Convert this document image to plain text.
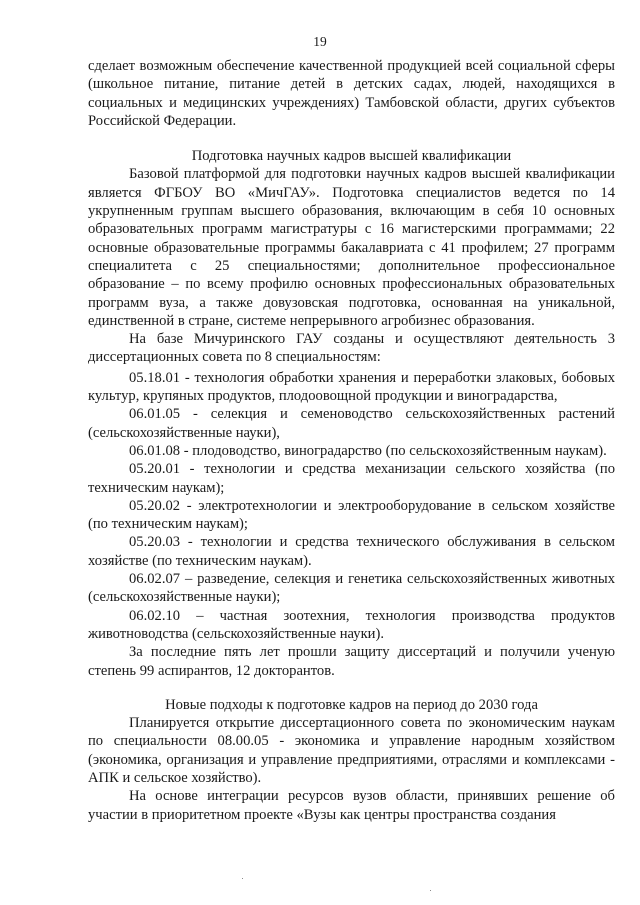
19

сделает возможным обеспечение качественной продукцией всей социальной сферы (школьное питание, питание детей в детских садах, людей, находящихся в социальных и медицинских учреждениях) Тамбовской области, других субъектов Российской Федерации.

Подготовка научных кадров высшей квалификации

Базовой платформой для подготовки научных кадров высшей квалификации является ФГБОУ ВО «МичГАУ». Подготовка специалистов ведется по 14 укрупненным группам высшего образования, включающим в себя 10 основных образовательных программ магистратуры с 16 магистерскими программами; 22 основные образовательные программы бакалавриата с 41 профилем; 27 программ специалитета с 25 специальностями; дополнительное профессиональное образование – по всему профилю основных профессиональных образовательных программ вуза, а также довузовская подготовка, основанная на уникальной, единственной в стране, системе непрерывного агробизнес образования.

На базе Мичуринского ГАУ созданы и осуществляют деятельность 3 диссертационных совета по 8 специальностям:

05.18.01 - технология обработки хранения и переработки злаковых, бобовых культур, крупяных продуктов, плодоовощной продукции и виноградарства,

06.01.05 - селекция и семеноводство сельскохозяйственных растений (сельскохозяйственные науки),

06.01.08 - плодоводство, виноградарство (по сельскохозяйственным наукам).

05.20.01 - технологии и средства механизации сельского хозяйства (по техническим наукам);

05.20.02 - электротехнологии и электрооборудование в сельском хозяйстве (по техническим наукам);

05.20.03 - технологии и средства технического обслуживания в сельском хозяйстве (по техническим наукам).

06.02.07 – разведение, селекция и генетика сельскохозяйственных животных (сельскохозяйственные науки);

06.02.10 – частная зоотехния, технология производства продуктов животноводства (сельскохозяйственные науки).

За последние пять лет прошли защиту диссертаций и получили ученую степень 99 аспирантов, 12 докторантов.

Новые подходы к подготовке кадров на период до 2030 года

Планируется открытие диссертационного совета по экономическим наукам по специальности 08.00.05 - экономика и управление народным хозяйством (экономика, организация и управление предприятиями, отраслями и комплексами - АПК и сельское хозяйство).

На основе интеграции ресурсов вузов области, принявших решение об участии в приоритетном проекте «Вузы как центры пространства создания
